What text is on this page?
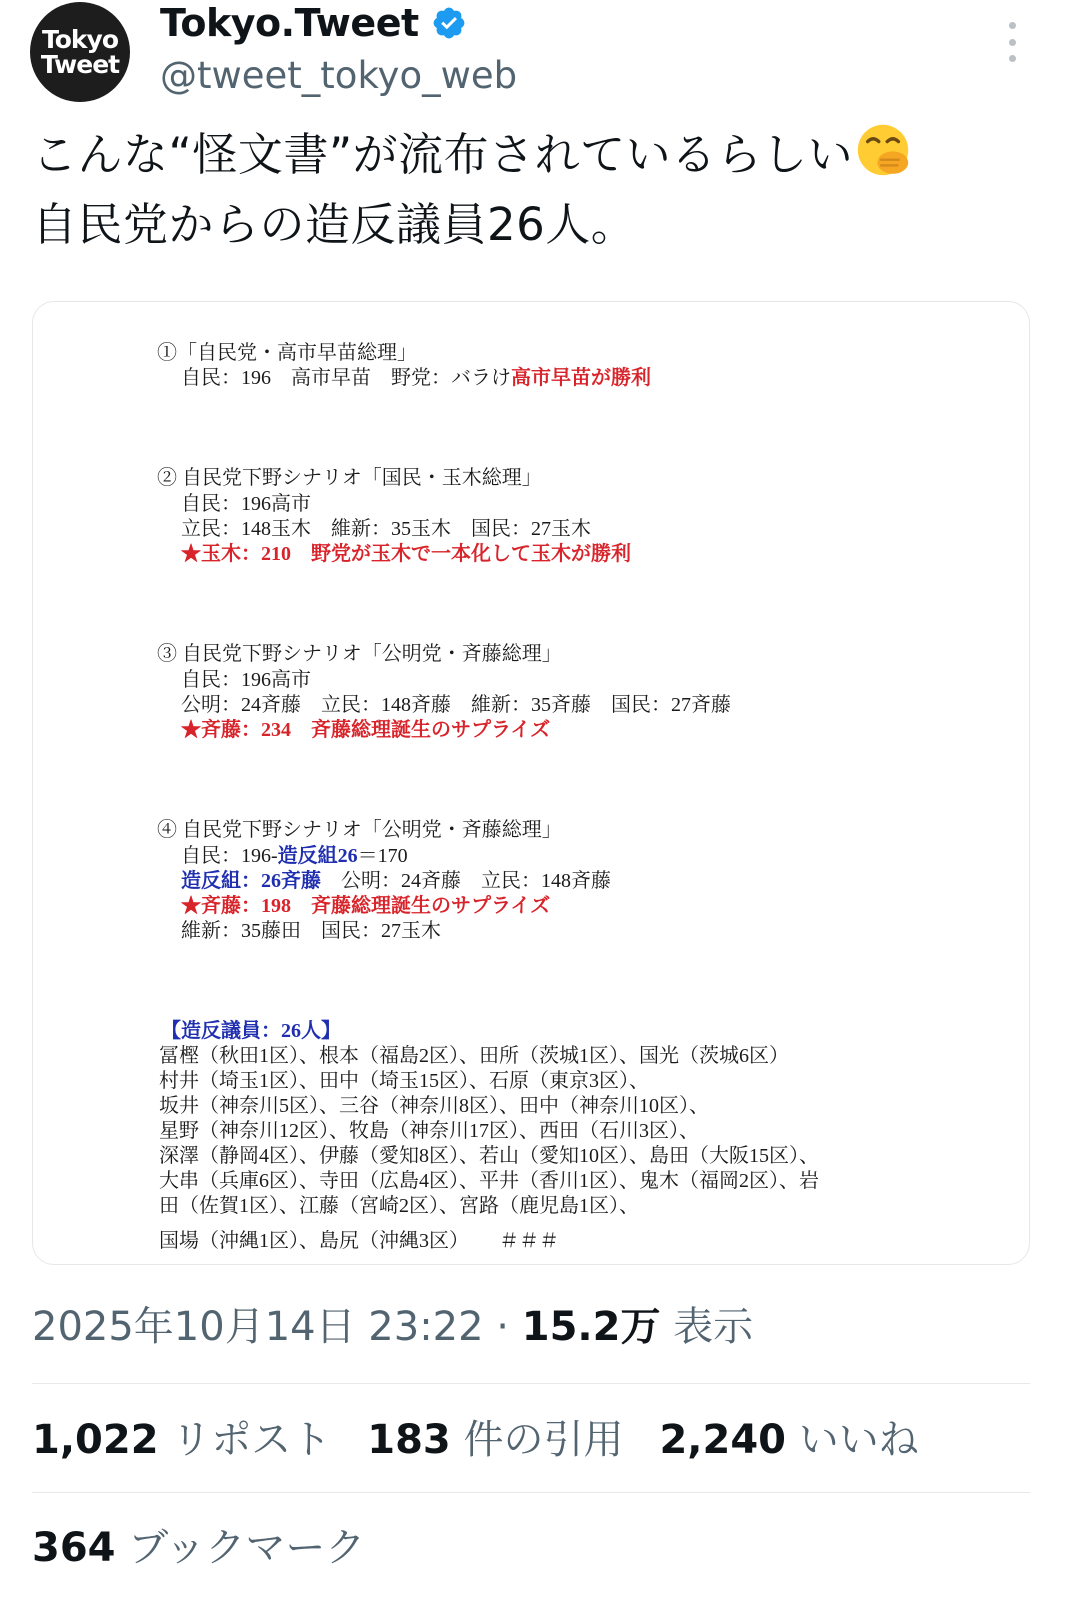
Tokyo
Tweet
Tokyo.Tweet
@tweet_tokyo_web
こんな“怪文書”が流布されているらしい
自民党からの造反議員26人。
①「自民党・高市早苗総理」
自民：196　高市早苗　野党：バラけ高市早苗が勝利
② 自民党下野シナリオ「国民・玉木総理」
自民：196高市
立民：148玉木　維新：35玉木　国民：27玉木
★玉木：210　野党が玉木で一本化して玉木が勝利
③ 自民党下野シナリオ「公明党・斉藤総理」
自民：196高市
公明：24斉藤　立民：148斉藤　維新：35斉藤　国民：27斉藤
★斉藤：234　斉藤総理誕生のサプライズ
④ 自民党下野シナリオ「公明党・斉藤総理」
自民：196-造反組26＝170
造反組：26斉藤　公明：24斉藤　立民：148斉藤
★斉藤：198　斉藤総理誕生のサプライズ
維新：35藤田　国民：27玉木
【造反議員：26人】
冨樫（秋田1区）、根本（福島2区）、田所（茨城1区）、国光（茨城6区）
村井（埼玉1区）、田中（埼玉15区）、石原（東京3区）、
坂井（神奈川5区）、三谷（神奈川8区）、田中（神奈川10区）、
星野（神奈川12区）、牧島（神奈川17区）、西田（石川3区）、
深澤（静岡4区）、伊藤（愛知8区）、若山（愛知10区）、島田（大阪15区）、
大串（兵庫6区）、寺田（広島4区）、平井（香川1区）、鬼木（福岡2区）、岩
田（佐賀1区）、江藤（宮崎2区）、宮路（鹿児島1区）、
国場（沖縄1区）、島尻（沖縄3区）　　＃＃＃
2025年10月14日 23:22 · 15.2万 表示
1,022 リポスト 183 件の引用 2,240 いいね
364 ブックマーク
